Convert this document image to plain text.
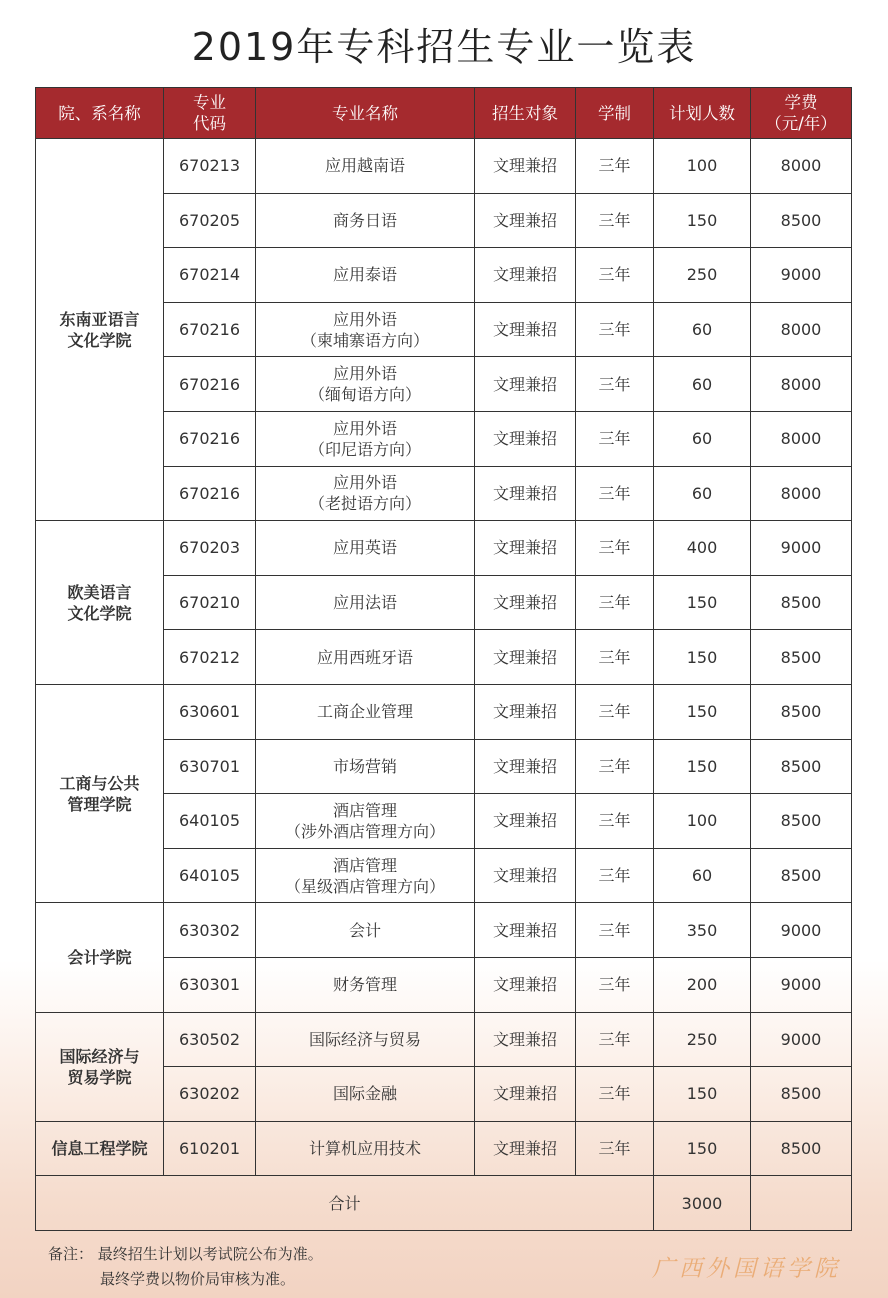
2019年专科招生专业一览表
院、系名称	专业
代码	专业名称	招生对象	学制	计划人数	学费
（元/年）

东南亚语言
文化学院	670213	应用越南语	文理兼招	三年	100	8000
	670205	商务日语	文理兼招	三年	150	8500
	670214	应用泰语	文理兼招	三年	250	9000
	670216	应用外语
（柬埔寨语方向）	文理兼招	三年	60	8000
	670216	应用外语
（缅甸语方向）	文理兼招	三年	60	8000
	670216	应用外语
（印尼语方向）	文理兼招	三年	60	8000
	670216	应用外语
（老挝语方向）	文理兼招	三年	60	8000

欧美语言
文化学院	670203	应用英语	文理兼招	三年	400	9000
	670210	应用法语	文理兼招	三年	150	8500
	670212	应用西班牙语	文理兼招	三年	150	8500

工商与公共
管理学院	630601	工商企业管理	文理兼招	三年	150	8500
	630701	市场营销	文理兼招	三年	150	8500
	640105	酒店管理
（涉外酒店管理方向）	文理兼招	三年	100	8500
	640105	酒店管理
（星级酒店管理方向）	文理兼招	三年	60	8500

会计学院	630302	会计	文理兼招	三年	350	9000
	630301	财务管理	文理兼招	三年	200	9000

国际经济与
贸易学院	630502	国际经济与贸易	文理兼招	三年	250	9000
	630202	国际金融	文理兼招	三年	150	8500

信息工程学院	610201	计算机应用技术	文理兼招	三年	150	8500
合计					3000	
备注： 最终招生计划以考试院公布为准。
最终学费以物价局审核为准。	广西外国语学院
